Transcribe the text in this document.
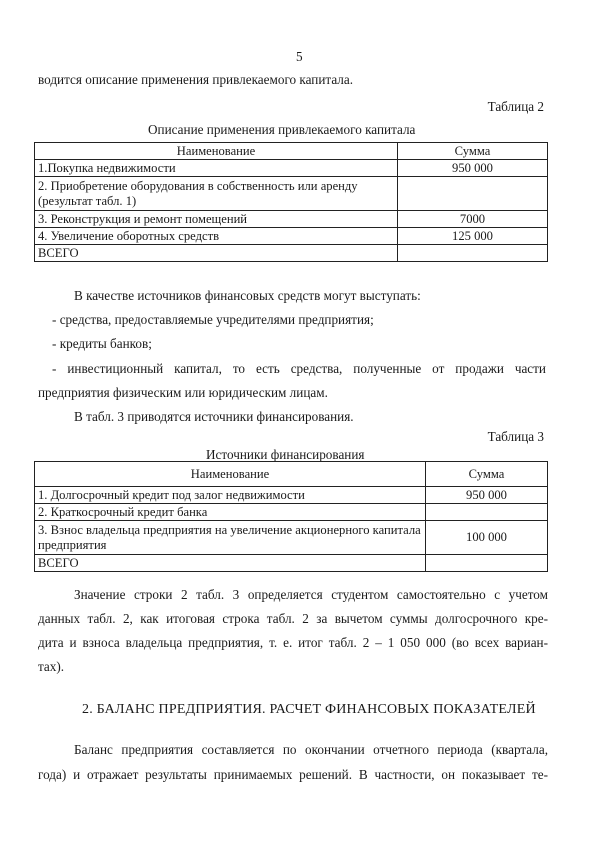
5
водится описание применения привлекаемого капитала.
Таблица 2
Описание применения привлекаемого капитала
Наименование	Сумма
1.Покупка недвижимости	950 000
2. Приобретение оборудования в собственность или аренду (результат табл. 1)	
3. Реконструкция и ремонт помещений	7000
4. Увеличение оборотных средств	125 000
ВСЕГО	
В качестве источников финансовых средств могут выступать:
- средства, предоставляемые учредителями предприятия;
- кредиты банков;
- инвестиционный капитал, то есть средства, полученные от продажи части
предприятия физическим или юридическим лицам.
В табл. 3 приводятся источники финансирования.
Таблица 3
Источники финансирования
Наименование	Сумма
1. Долгосрочный кредит под залог недвижимости	950 000
2. Краткосрочный кредит банка	
3. Взнос владельца предприятия на увеличение акционерного капитала предприятия	100 000
ВСЕГО	
Значение строки 2 табл. 3 определяется студентом самостоятельно с учетом
данных табл. 2, как итоговая строка табл. 2 за вычетом суммы долгосрочного кре-
дита и взноса владельца предприятия, т. е. итог табл. 2 – 1 050 000 (во всех вариан-
тах).
2. БАЛАНС ПРЕДПРИЯТИЯ. РАСЧЕТ ФИНАНСОВЫХ ПОКАЗАТЕЛЕЙ
Баланс предприятия составляется по окончании отчетного периода (квартала,
года) и отражает результаты принимаемых решений. В частности, он показывает те-
